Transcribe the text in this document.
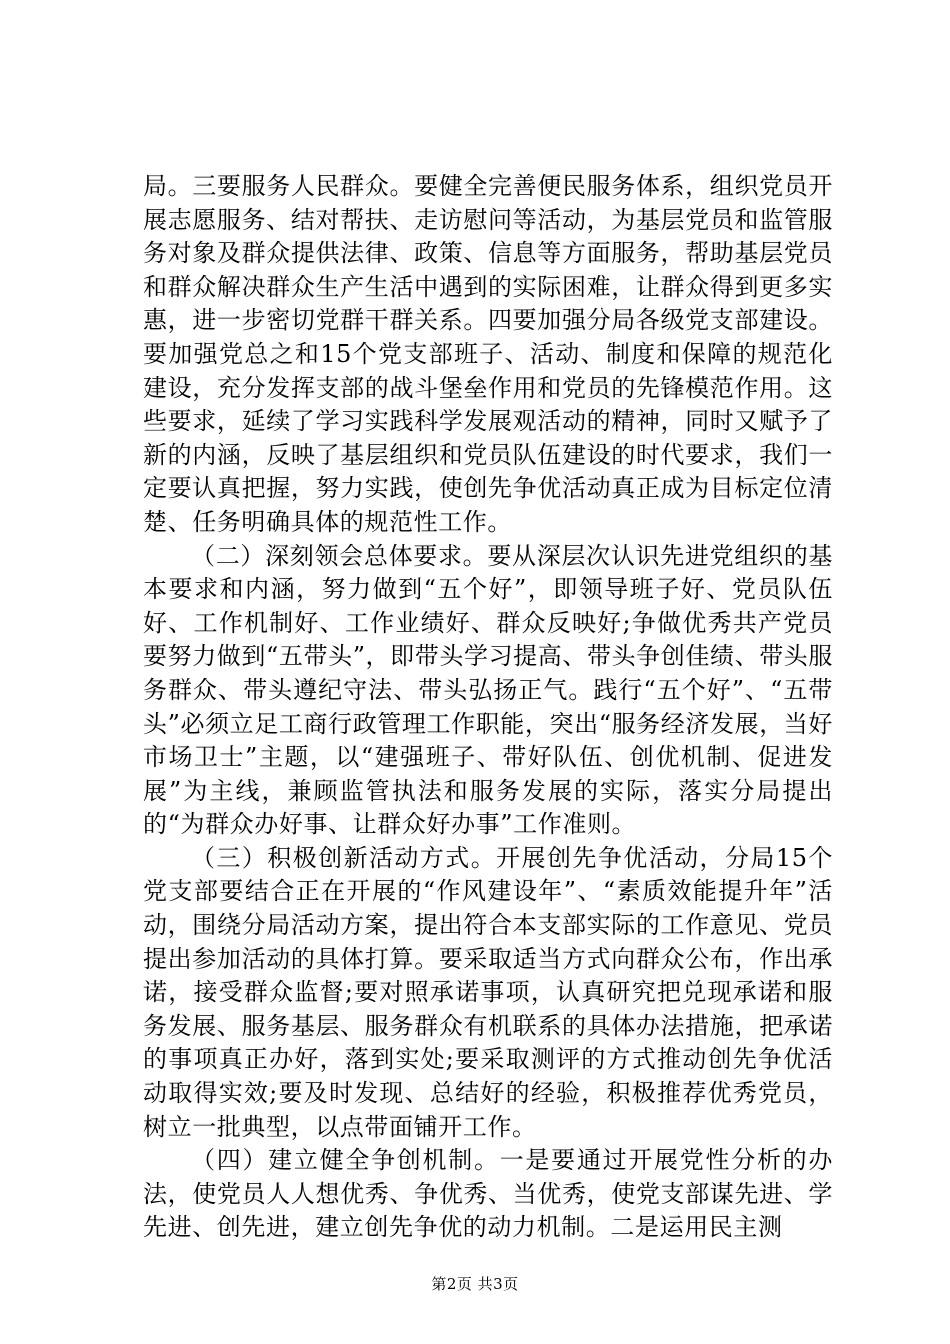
局。三要服务人民群众。要健全完善便民服务体系，组织党员开展志愿服务、结对帮扶、走访慰问等活动，为基层党员和监管服务对象及群众提供法律、政策、信息等方面服务，帮助基层党员和群众解决群众生产生活中遇到的实际困难，让群众得到更多实惠，进一步密切党群干群关系。四要加强分局各级党支部建设。要加强党总之和15个党支部班子、活动、制度和保障的规范化建设，充分发挥支部的战斗堡垒作用和党员的先锋模范作用。这些要求，延续了学习实践科学发展观活动的精神，同时又赋予了新的内涵，反映了基层组织和党员队伍建设的时代要求，我们一定要认真把握，努力实践，使创先争优活动真正成为目标定位清楚、任务明确具体的规范性工作。

（二）深刻领会总体要求。要从深层次认识先进党组织的基本要求和内涵，努力做到“五个好”，即领导班子好、党员队伍好、工作机制好、工作业绩好、群众反映好;争做优秀共产党员要努力做到“五带头”，即带头学习提高、带头争创佳绩、带头服务群众、带头遵纪守法、带头弘扬正气。践行“五个好”、“五带头”必须立足工商行政管理工作职能，突出“服务经济发展，当好市场卫士”主题，以“建强班子、带好队伍、创优机制、促进发展”为主线，兼顾监管执法和服务发展的实际，落实分局提出的“为群众办好事、让群众好办事”工作准则。

（三）积极创新活动方式。开展创先争优活动，分局15个党支部要结合正在开展的“作风建设年”、“素质效能提升年”活动，围绕分局活动方案，提出符合本支部实际的工作意见、党员提出参加活动的具体打算。要采取适当方式向群众公布，作出承诺，接受群众监督;要对照承诺事项，认真研究把兑现承诺和服务发展、服务基层、服务群众有机联系的具体办法措施，把承诺的事项真正办好，落到实处;要采取测评的方式推动创先争优活动取得实效;要及时发现、总结好的经验，积极推荐优秀党员，树立一批典型，以点带面铺开工作。

（四）建立健全争创机制。一是要通过开展党性分析的办法，使党员人人想优秀、争优秀、当优秀，使党支部谋先进、学先进、创先进，建立创先争优的动力机制。二是运用民主测

第2页 共3页
